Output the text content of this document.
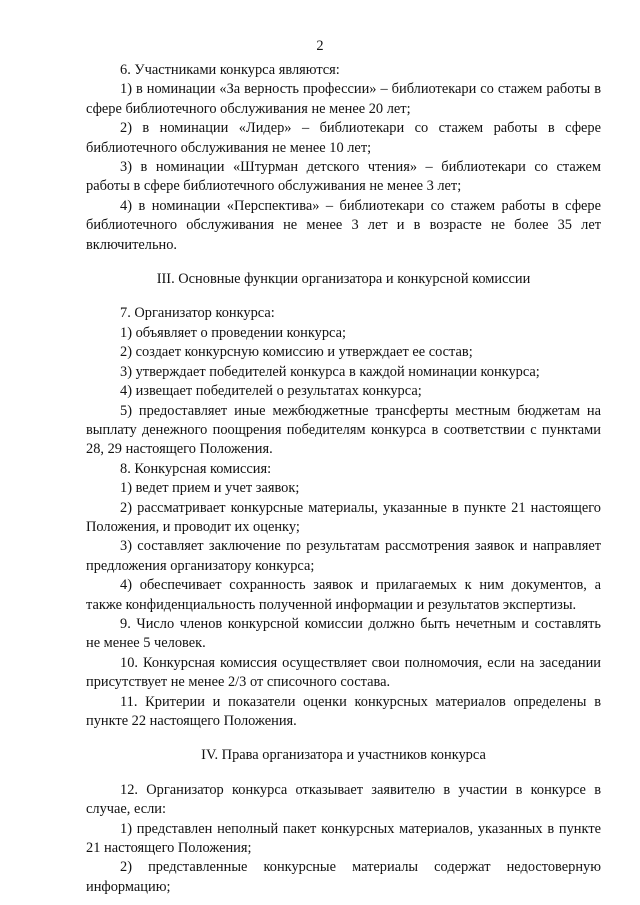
2

6. Участниками конкурса являются:

1) в номинации «За верность профессии» – библиотекари со стажем работы в сфере библиотечного обслуживания не менее 20 лет;

2) в номинации «Лидер» – библиотекари со стажем работы в сфере библиотечного обслуживания не менее 10 лет;

3) в номинации «Штурман детского чтения» – библиотекари со стажем работы в сфере библиотечного обслуживания не менее 3 лет;

4) в номинации «Перспектива» – библиотекари со стажем работы в сфере библиотечного обслуживания не менее 3 лет и в возрасте не более 35 лет включительно.

III. Основные функции организатора и конкурсной комиссии

7. Организатор конкурса:

1) объявляет о проведении конкурса;

2) создает конкурсную комиссию и утверждает ее состав;

3) утверждает победителей конкурса в каждой номинации конкурса;

4) извещает победителей о результатах конкурса;

5) предоставляет иные межбюджетные трансферты местным бюджетам на выплату денежного поощрения победителям конкурса в соответствии с пунктами 28, 29 настоящего Положения.

8. Конкурсная комиссия:

1) ведет прием и учет заявок;

2) рассматривает конкурсные материалы, указанные в пункте 21 настоящего Положения, и проводит их оценку;

3) составляет заключение по результатам рассмотрения заявок и направляет предложения организатору конкурса;

4) обеспечивает сохранность заявок и прилагаемых к ним документов, а также конфиденциальность полученной информации и результатов экспертизы.

9. Число членов конкурсной комиссии должно быть нечетным и составлять не менее 5 человек.

10. Конкурсная комиссия осуществляет свои полномочия, если на заседании присутствует не менее 2/3 от списочного состава.

11. Критерии и показатели оценки конкурсных материалов определены в пункте 22 настоящего Положения.

IV. Права организатора и участников конкурса

12. Организатор конкурса отказывает заявителю в участии в конкурсе в случае, если:

1) представлен неполный пакет конкурсных материалов, указанных в пункте 21 настоящего Положения;

2) представленные конкурсные материалы содержат недостоверную информацию;
